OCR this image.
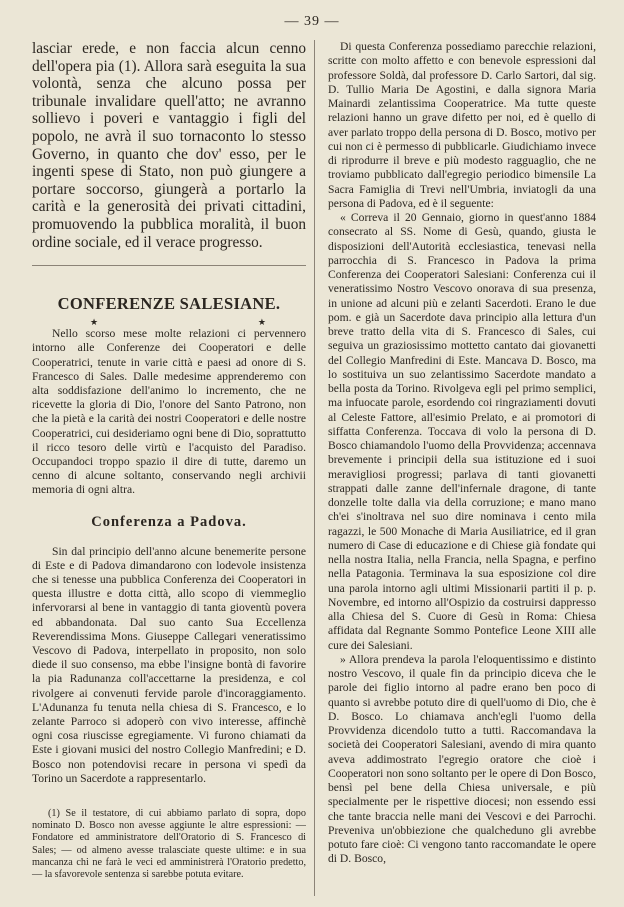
— 39 —

lasciar erede, e non faccia alcun cenno dell'opera pia (1). Allora sarà eseguita la sua volontà, senza che alcuno possa per tribunale invalidare quell'atto; ne avranno sollievo i poveri e vantaggio i figli del popolo, ne avrà il suo tornaconto lo stesso Governo, in quanto che dov' esso, per le ingenti spese di Stato, non può giungere a portare soccorso, giungerà a portarlo la carità e la generosità dei privati cittadini, promuovendo la pubblica moralità, il buon ordine sociale, ed il verace progresso.

CONFERENZE SALESIANE.
★	★

Nello scorso mese molte relazioni ci pervennero intorno alle Conferenze dei Cooperatori e delle Cooperatrici, tenute in varie città e paesi ad onore di S. Francesco di Sales. Dalle medesime apprenderemo con alta soddisfazione dell'animo lo incremento, che ne ricevette la gloria di Dio, l'onore del Santo Patrono, non che la pietà e la carità dei nostri Cooperatori e delle nostre Cooperatrici, cui desideriamo ogni bene di Dio, soprattutto il ricco tesoro delle virtù e l'acquisto del Paradiso. Occupandoci troppo spazio il dire di tutte, daremo un cenno di alcune soltanto, conservando negli archivii memoria di ogni altra.

Conferenza a Padova.

Sin dal principio dell'anno alcune benemerite persone di Este e di Padova dimandarono con lodevole insistenza che si tenesse una pubblica Conferenza dei Cooperatori in questa illustre e dotta città, allo scopo di viemmeglio infervorarsi al bene in vantaggio di tanta gioventù povera ed abbandonata. Dal suo canto Sua Eccellenza Reverendissima Mons. Giuseppe Callegari veneratissimo Vescovo di Padova, interpellato in proposito, non solo diede il suo consenso, ma ebbe l'insigne bontà di favorire la pia Radunanza coll'accettarne la presidenza, e col rivolgere ai convenuti fervide parole d'incoraggiamento. L'Adunanza fu tenuta nella chiesa di S. Francesco, e lo zelante Parroco si adoperò con vivo interesse, affinchè ogni cosa riuscisse egregiamente. Vi furono chiamati da Este i giovani musici del nostro Collegio Manfredini; e D. Bosco non potendovisi recare in persona vi spedì da Torino un Sacerdote a rappresentarlo.

(1) Se il testatore, di cui abbiamo parlato di sopra, dopo nominato D. Bosco non avesse aggiunte le altre espressioni: — Fondatore ed amministratore dell'Oratorio di S. Francesco di Sales; — od almeno avesse tralasciate queste ultime: e in sua mancanza chi ne farà le veci ed amministrerà l'Oratorio predetto, — la sfavorevole sentenza si sarebbe potuta evitare.

Di questa Conferenza possediamo parecchie relazioni, scritte con molto affetto e con benevole espressioni dal professore Soldà, dal professore D. Carlo Sartori, dal sig. D. Tullio Maria De Agostini, e dalla signora Maria Mainardi zelantissima Cooperatrice. Ma tutte queste relazioni hanno un grave difetto per noi, ed è quello di aver parlato troppo della persona di D. Bosco, motivo per cui non ci è permesso di pubblicarle. Giudichiamo invece di riprodurre il breve e più modesto ragguaglio, che ne troviamo pubblicato dall'egregio periodico bimensile La Sacra Famiglia di Trevi nell'Umbria, inviatogli da una persona di Padova, ed è il seguente:

« Correva il 20 Gennaio, giorno in quest'anno 1884 consecrato al SS. Nome di Gesù, quando, giusta le disposizioni dell'Autorità ecclesiastica, tenevasi nella parrocchia di S. Francesco in Padova la prima Conferenza dei Cooperatori Salesiani: Conferenza cui il veneratissimo Nostro Vescovo onorava di sua presenza, in unione ad alcuni più e zelanti Sacerdoti. Erano le due pom. e già un Sacerdote dava principio alla lettura d'un breve tratto della vita di S. Francesco di Sales, cui seguiva un graziosissimo mottetto cantato dai giovanetti del Collegio Manfredini di Este. Mancava D. Bosco, ma lo sostituiva un suo zelantissimo Sacerdote mandato a bella posta da Torino. Rivolgeva egli pel primo semplici, ma infuocate parole, esordendo coi ringraziamenti dovuti al Celeste Fattore, all'esimio Prelato, e ai promotori di siffatta Conferenza. Toccava di volo la persona di D. Bosco chiamandolo l'uomo della Provvidenza; accennava brevemente i principii della sua istituzione ed i suoi meravigliosi progressi; parlava di tanti giovanetti strappati dalle zanne dell'infernale dragone, di tante donzelle tolte dalla via della corruzione; e mano mano ch'ei s'inoltrava nel suo dire nominava i cento mila ragazzi, le 500 Monache di Maria Ausiliatrice, ed il gran numero di Case di educazione e di Chiese già fondate qui nella nostra Italia, nella Francia, nella Spagna, e perfino nella Patagonia. Terminava la sua esposizione col dire una parola intorno agli ultimi Missionarii partiti il p. p. Novembre, ed intorno all'Ospizio da costruirsi dappresso alla Chiesa del S. Cuore di Gesù in Roma: Chiesa affidata dal Regnante Sommo Pontefice Leone XIII alle cure dei Salesiani.

» Allora prendeva la parola l'eloquentissimo e distinto nostro Vescovo, il quale fin da principio diceva che le parole dei figlio intorno al padre erano ben poco di quanto si avrebbe potuto dire di quell'uomo di Dio, che è D. Bosco. Lo chiamava anch'egli l'uomo della Provvidenza dicendolo tutto a tutti. Raccomandava la società dei Cooperatori Salesiani, avendo di mira quanto aveva addimostrato l'egregio oratore che cioè i Cooperatori non sono soltanto per le opere di Don Bosco, bensì pel bene della Chiesa universale, e più specialmente per le rispettive diocesi; non essendo essi che tante braccia nelle mani dei Vescovi e dei Parrochi. Preveniva un'obbiezione che qualcheduno gli avrebbe potuto fare cioè: Ci vengono tanto raccomandate le opere di D. Bosco,
